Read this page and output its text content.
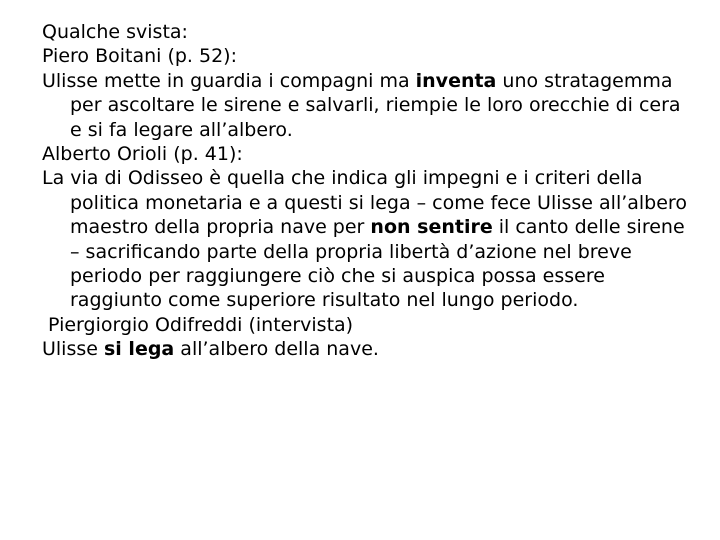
Qualche svista:

Piero Boitani (p. 52):

Ulisse mette in guardia i compagni ma inventa uno stratagemma per ascoltare le sirene e salvarli, riempie le loro orecchie di cera e si fa legare all’albero.

Alberto Orioli (p. 41):

La via di Odisseo è quella che indica gli impegni e i criteri della politica monetaria e a questi si lega – come fece Ulisse all’albero maestro della propria nave per non sentire il canto delle sirene – sacrificando parte della propria libertà d’azione nel breve periodo per raggiungere ciò che si auspica possa essere raggiunto come superiore risultato nel lungo periodo.

Piergiorgio Odifreddi (intervista)

Ulisse si lega all’albero della nave.
